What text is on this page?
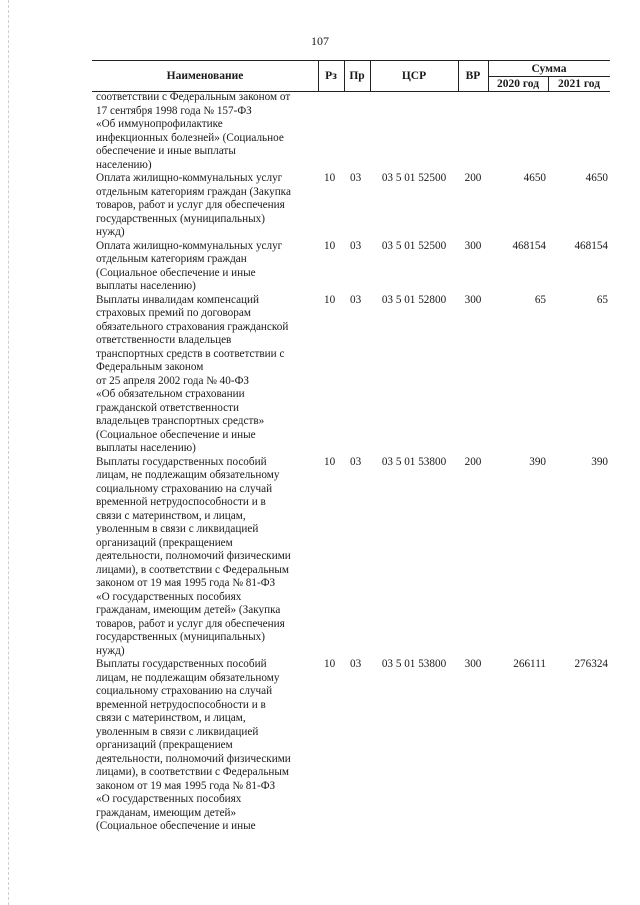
107
Наименование	Рз	Пр	ЦСР	ВР
Сумма
2020 год	2021 год
соответствии с Федеральным законом от
17 сентября 1998 года № 157-ФЗ
«Об иммунопрофилактике
инфекционных болезней» (Социальное
обеспечение и иные выплаты
населению)
Оплата жилищно-коммунальных услуг
отдельным категориям граждан (Закупка
товаров, работ и услуг для обеспечения
государственных (муниципальных)
нужд)
10 03	03 5 01 52500	200	4650	4650
Оплата жилищно-коммунальных услуг
отдельным категориям граждан
(Социальное обеспечение и иные
выплаты населению)
10 03	03 5 01 52500	300	468154	468154
Выплаты инвалидам компенсаций
страховых премий по договорам
обязательного страхования гражданской
ответственности владельцев
транспортных средств в соответствии с
Федеральным законом
от 25 апреля 2002 года № 40-ФЗ
«Об обязательном страховании
гражданской ответственности
владельцев транспортных средств»
(Социальное обеспечение и иные
выплаты населению)
10 03	03 5 01 52800	300	65	65
Выплаты государственных пособий
лицам, не подлежащим обязательному
социальному страхованию на случай
временной нетрудоспособности и в
связи с материнством, и лицам,
уволенным в связи с ликвидацией
организаций (прекращением
деятельности, полномочий физическими
лицами), в соответствии с Федеральным
законом от 19 мая 1995 года № 81-ФЗ
«О государственных пособиях
гражданам, имеющим детей» (Закупка
товаров, работ и услуг для обеспечения
государственных (муниципальных)
нужд)
10 03	03 5 01 53800	200	390	390
Выплаты государственных пособий
лицам, не подлежащим обязательному
социальному страхованию на случай
временной нетрудоспособности и в
связи с материнством, и лицам,
уволенным в связи с ликвидацией
организаций (прекращением
деятельности, полномочий физическими
лицами), в соответствии с Федеральным
законом от 19 мая 1995 года № 81-ФЗ
«О государственных пособиях
гражданам, имеющим детей»
(Социальное обеспечение и иные
10 03	03 5 01 53800	300	266111	276324
